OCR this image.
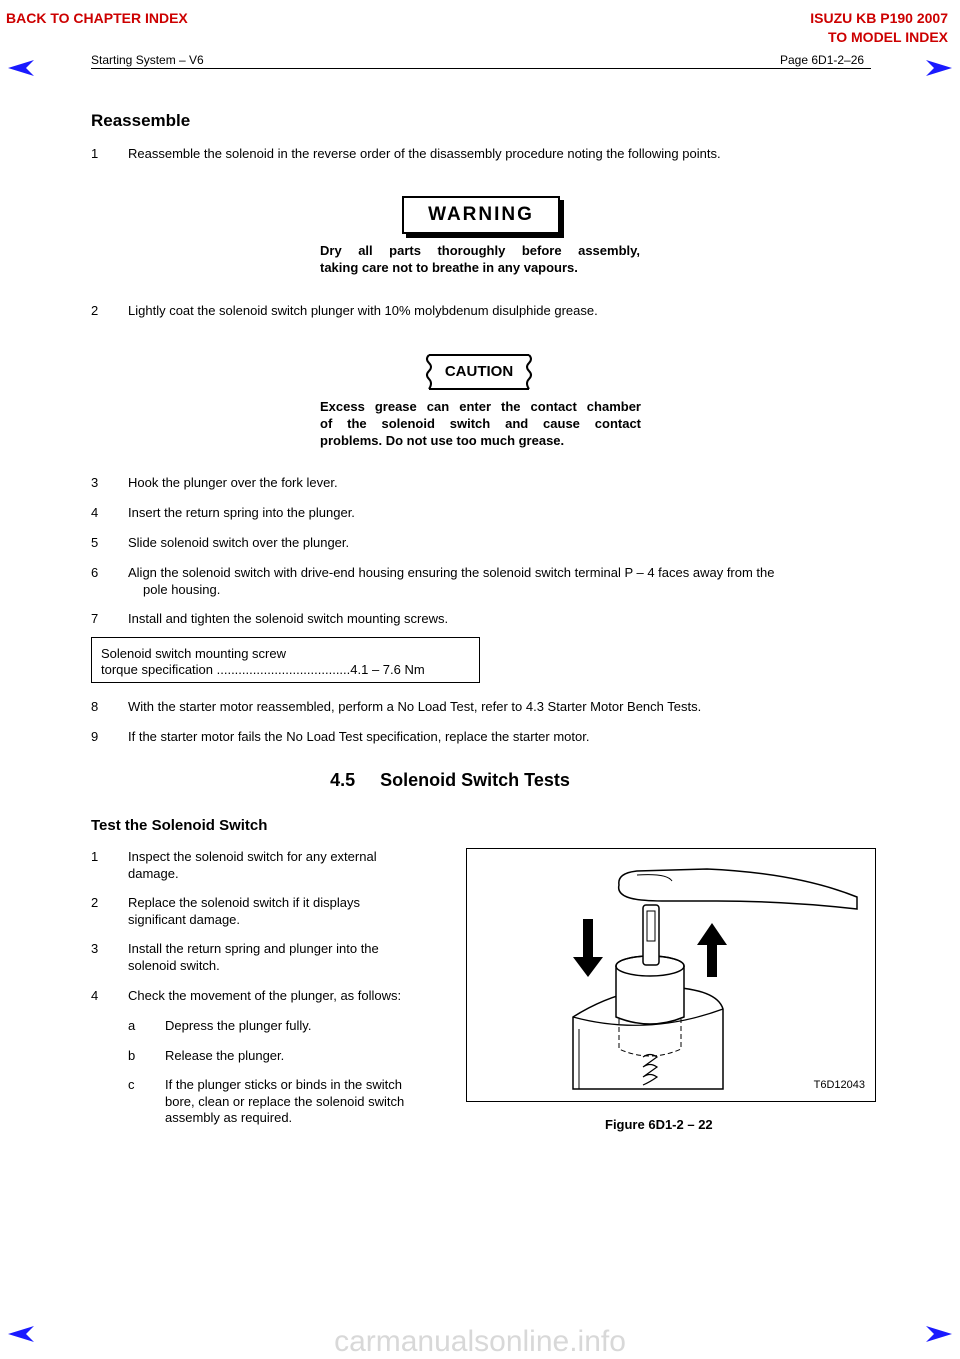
BACK TO CHAPTER INDEX	ISUZU KB P190 2007
TO MODEL INDEX
Starting System – V6	Page 6D1-2–26
Reassemble
1 Reassemble the solenoid in the reverse order of the disassembly procedure noting the following points.
WARNING
Dry all parts thoroughly before assembly,
taking care not to breathe in any vapours.
2 Lightly coat the solenoid switch plunger with 10% molybdenum disulphide grease.
CAUTION
Excess grease can enter the contact chamber
of the solenoid switch and cause contact
problems. Do not use too much grease.
3 Hook the plunger over the fork lever.
4 Insert the return spring into the plunger.
5 Slide solenoid switch over the plunger.
6 Align the solenoid switch with drive-end housing ensuring the solenoid switch terminal P – 4 faces away from the
pole housing.
7 Install and tighten the solenoid switch mounting screws.
Solenoid switch mounting screw
torque specification .....................................4.1 – 7.6 Nm
8 With the starter motor reassembled, perform a No Load Test, refer to 4.3 Starter Motor Bench Tests.
9 If the starter motor fails the No Load Test specification, replace the starter motor.
4.5     Solenoid Switch Tests
Test the Solenoid Switch
1 Inspect the solenoid switch for any external
damage.
2 Replace the solenoid switch if it displays
significant damage.
3 Install the return spring and plunger into the
solenoid switch.
4 Check the movement of the plunger, as follows:
a Depress the plunger fully.
b Release the plunger.
c If the plunger sticks or binds in the switch
bore, clean or replace the solenoid switch
assembly as required.
T6D12043
Figure 6D1-2 – 22
carmanualsonline.info
